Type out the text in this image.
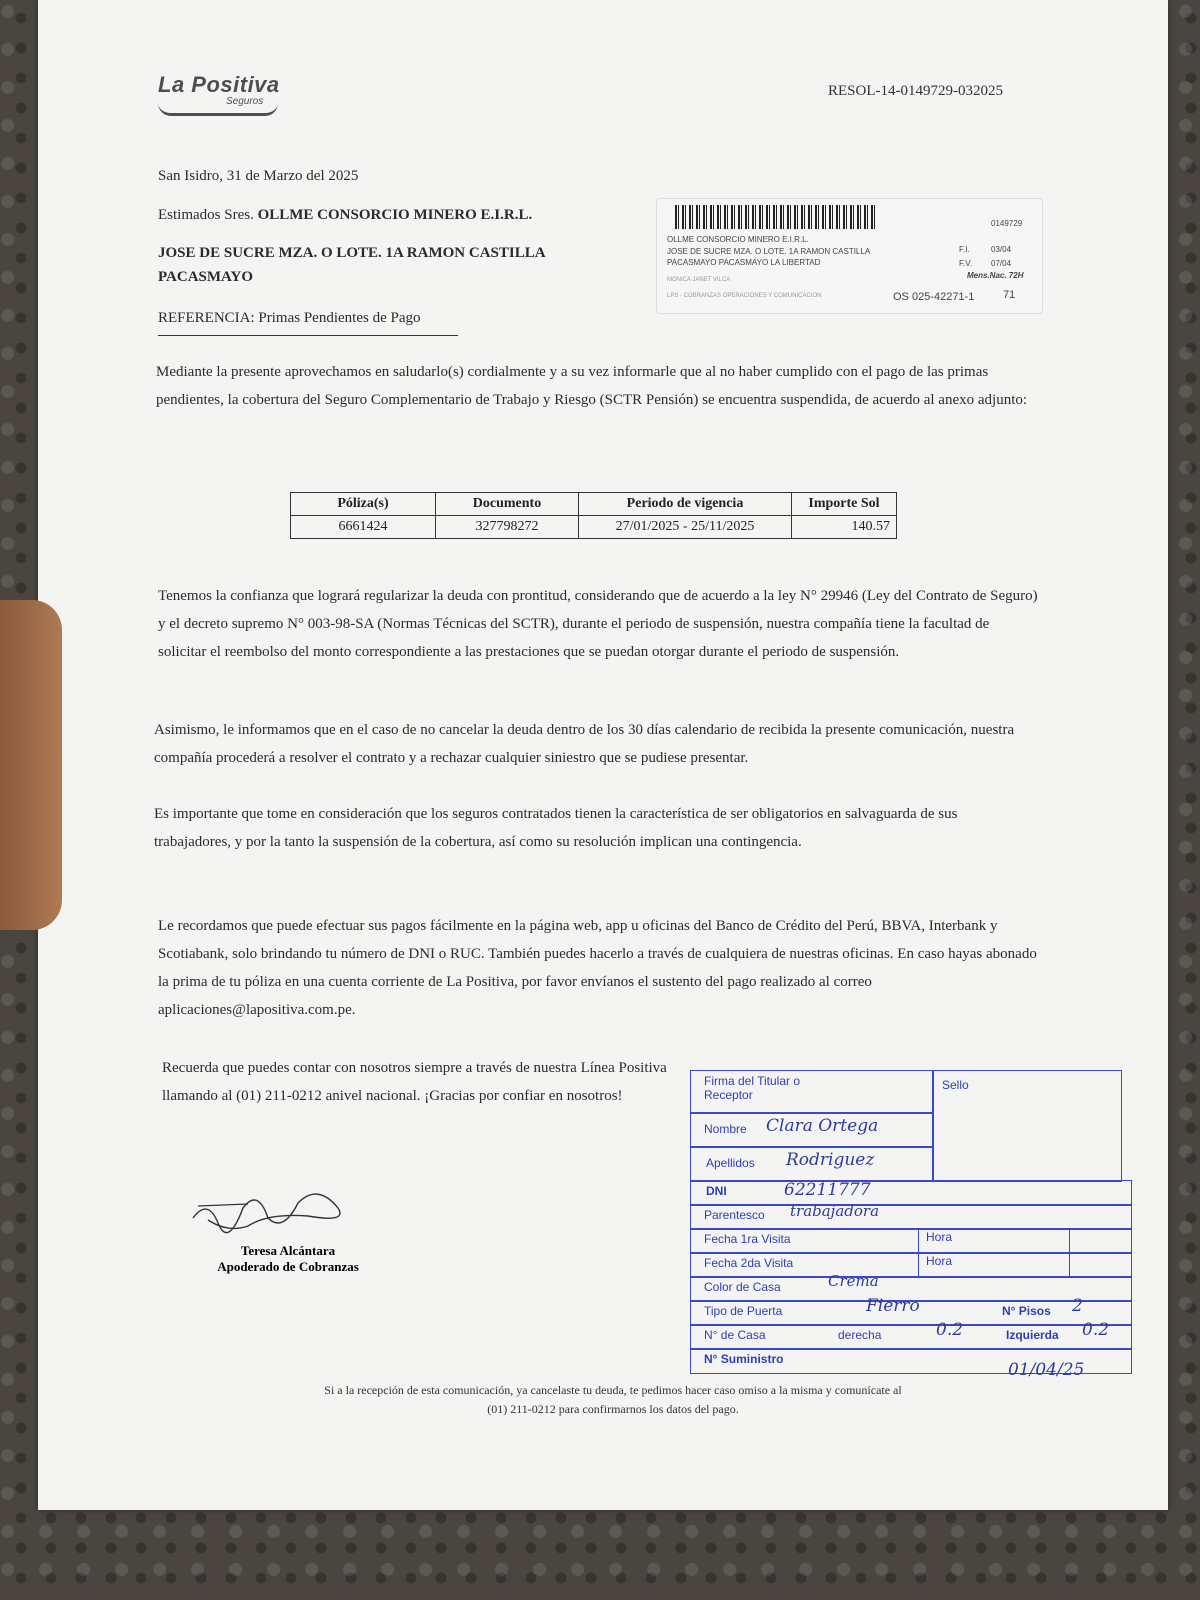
La Positiva
Seguros
RESOL-14-0149729-032025
San Isidro, 31 de Marzo del 2025
Estimados Sres. OLLME CONSORCIO MINERO E.I.R.L.
JOSE DE SUCRE MZA. O LOTE. 1A RAMON CASTILLA
PACASMAYO
REFERENCIA: Primas Pendientes de Pago
0149729
OLLME CONSORCIO MINERO E.I.R.L.
JOSE DE SUCRE MZA. O LOTE. 1A RAMON CASTILLA
PACASMAYO PACASMAYO LA LIBERTAD
F.I.	03/04
F.V. 07/04
Mens.Nac. 72H
MONICA JANET VILCA
LPS - COBRANZAS OPERACIONES Y COMUNICACION	OS 025-42271-1	71
Mediante la presente aprovechamos en saludarlo(s) cordialmente y a su vez informarle que al no haber cumplido con el pago de las primas pendientes, la cobertura del Seguro Complementario de Trabajo y Riesgo (SCTR Pensión) se encuentra suspendida, de acuerdo al anexo adjunto:
Póliza(s)	Documento	Periodo de vigencia	Importe Sol
6661424	327798272	27/01/2025 - 25/11/2025	140.57
Tenemos la confianza que logrará regularizar la deuda con prontitud, considerando que de acuerdo a la ley N° 29946 (Ley del Contrato de Seguro) y el decreto supremo N° 003-98-SA (Normas Técnicas del SCTR), durante el periodo de suspensión, nuestra compañía tiene la facultad de solicitar el reembolso del monto correspondiente a las prestaciones que se puedan otorgar durante el periodo de suspensión.
Asimismo, le informamos que en el caso de no cancelar la deuda dentro de los 30 días calendario de recibida la presente comunicación, nuestra compañía procederá a resolver el contrato y a rechazar cualquier siniestro que se pudiese presentar.
Es importante que tome en consideración que los seguros contratados tienen la característica de ser obligatorios en salvaguarda de sus trabajadores, y por la tanto la suspensión de la cobertura, así como su resolución implican una contingencia.
Le recordamos que puede efectuar sus pagos fácilmente en la página web, app u oficinas del Banco de Crédito del Perú, BBVA, Interbank y Scotiabank, solo brindando tu número de DNI o RUC. También puedes hacerlo a través de cualquiera de nuestras oficinas. En caso hayas abonado la prima de tu póliza en una cuenta corriente de La Positiva, por favor envíanos el sustento del pago realizado al correo aplicaciones@lapositiva.com.pe.
Recuerda que puedes contar con nosotros siempre a través de nuestra Línea Positiva llamando al (01) 211-0212 anivel nacional. ¡Gracias por confiar en nosotros!
Teresa Alcántara
Apoderado de Cobranzas
Si a la recepción de esta comunicación, ya cancelaste tu deuda, te pedimos hacer caso omiso a la misma y comunícate al
(01) 211-0212 para confirmarnos los datos del pago.
Firma del Titular o Receptor
Sello
Nombre Clara Ortega
Apellidos Rodriguez
DNI	62211777
Parentesco trabajadora
Fecha 1ra Visita	Hora
Fecha 2da Visita	Hora
Color de Casa	Crema
Tipo de Puerta	Fierro	N° Pisos 2
N° de Casa	derecha	0.2	Izquierda 0.2
N° Suministro
01/04/25
